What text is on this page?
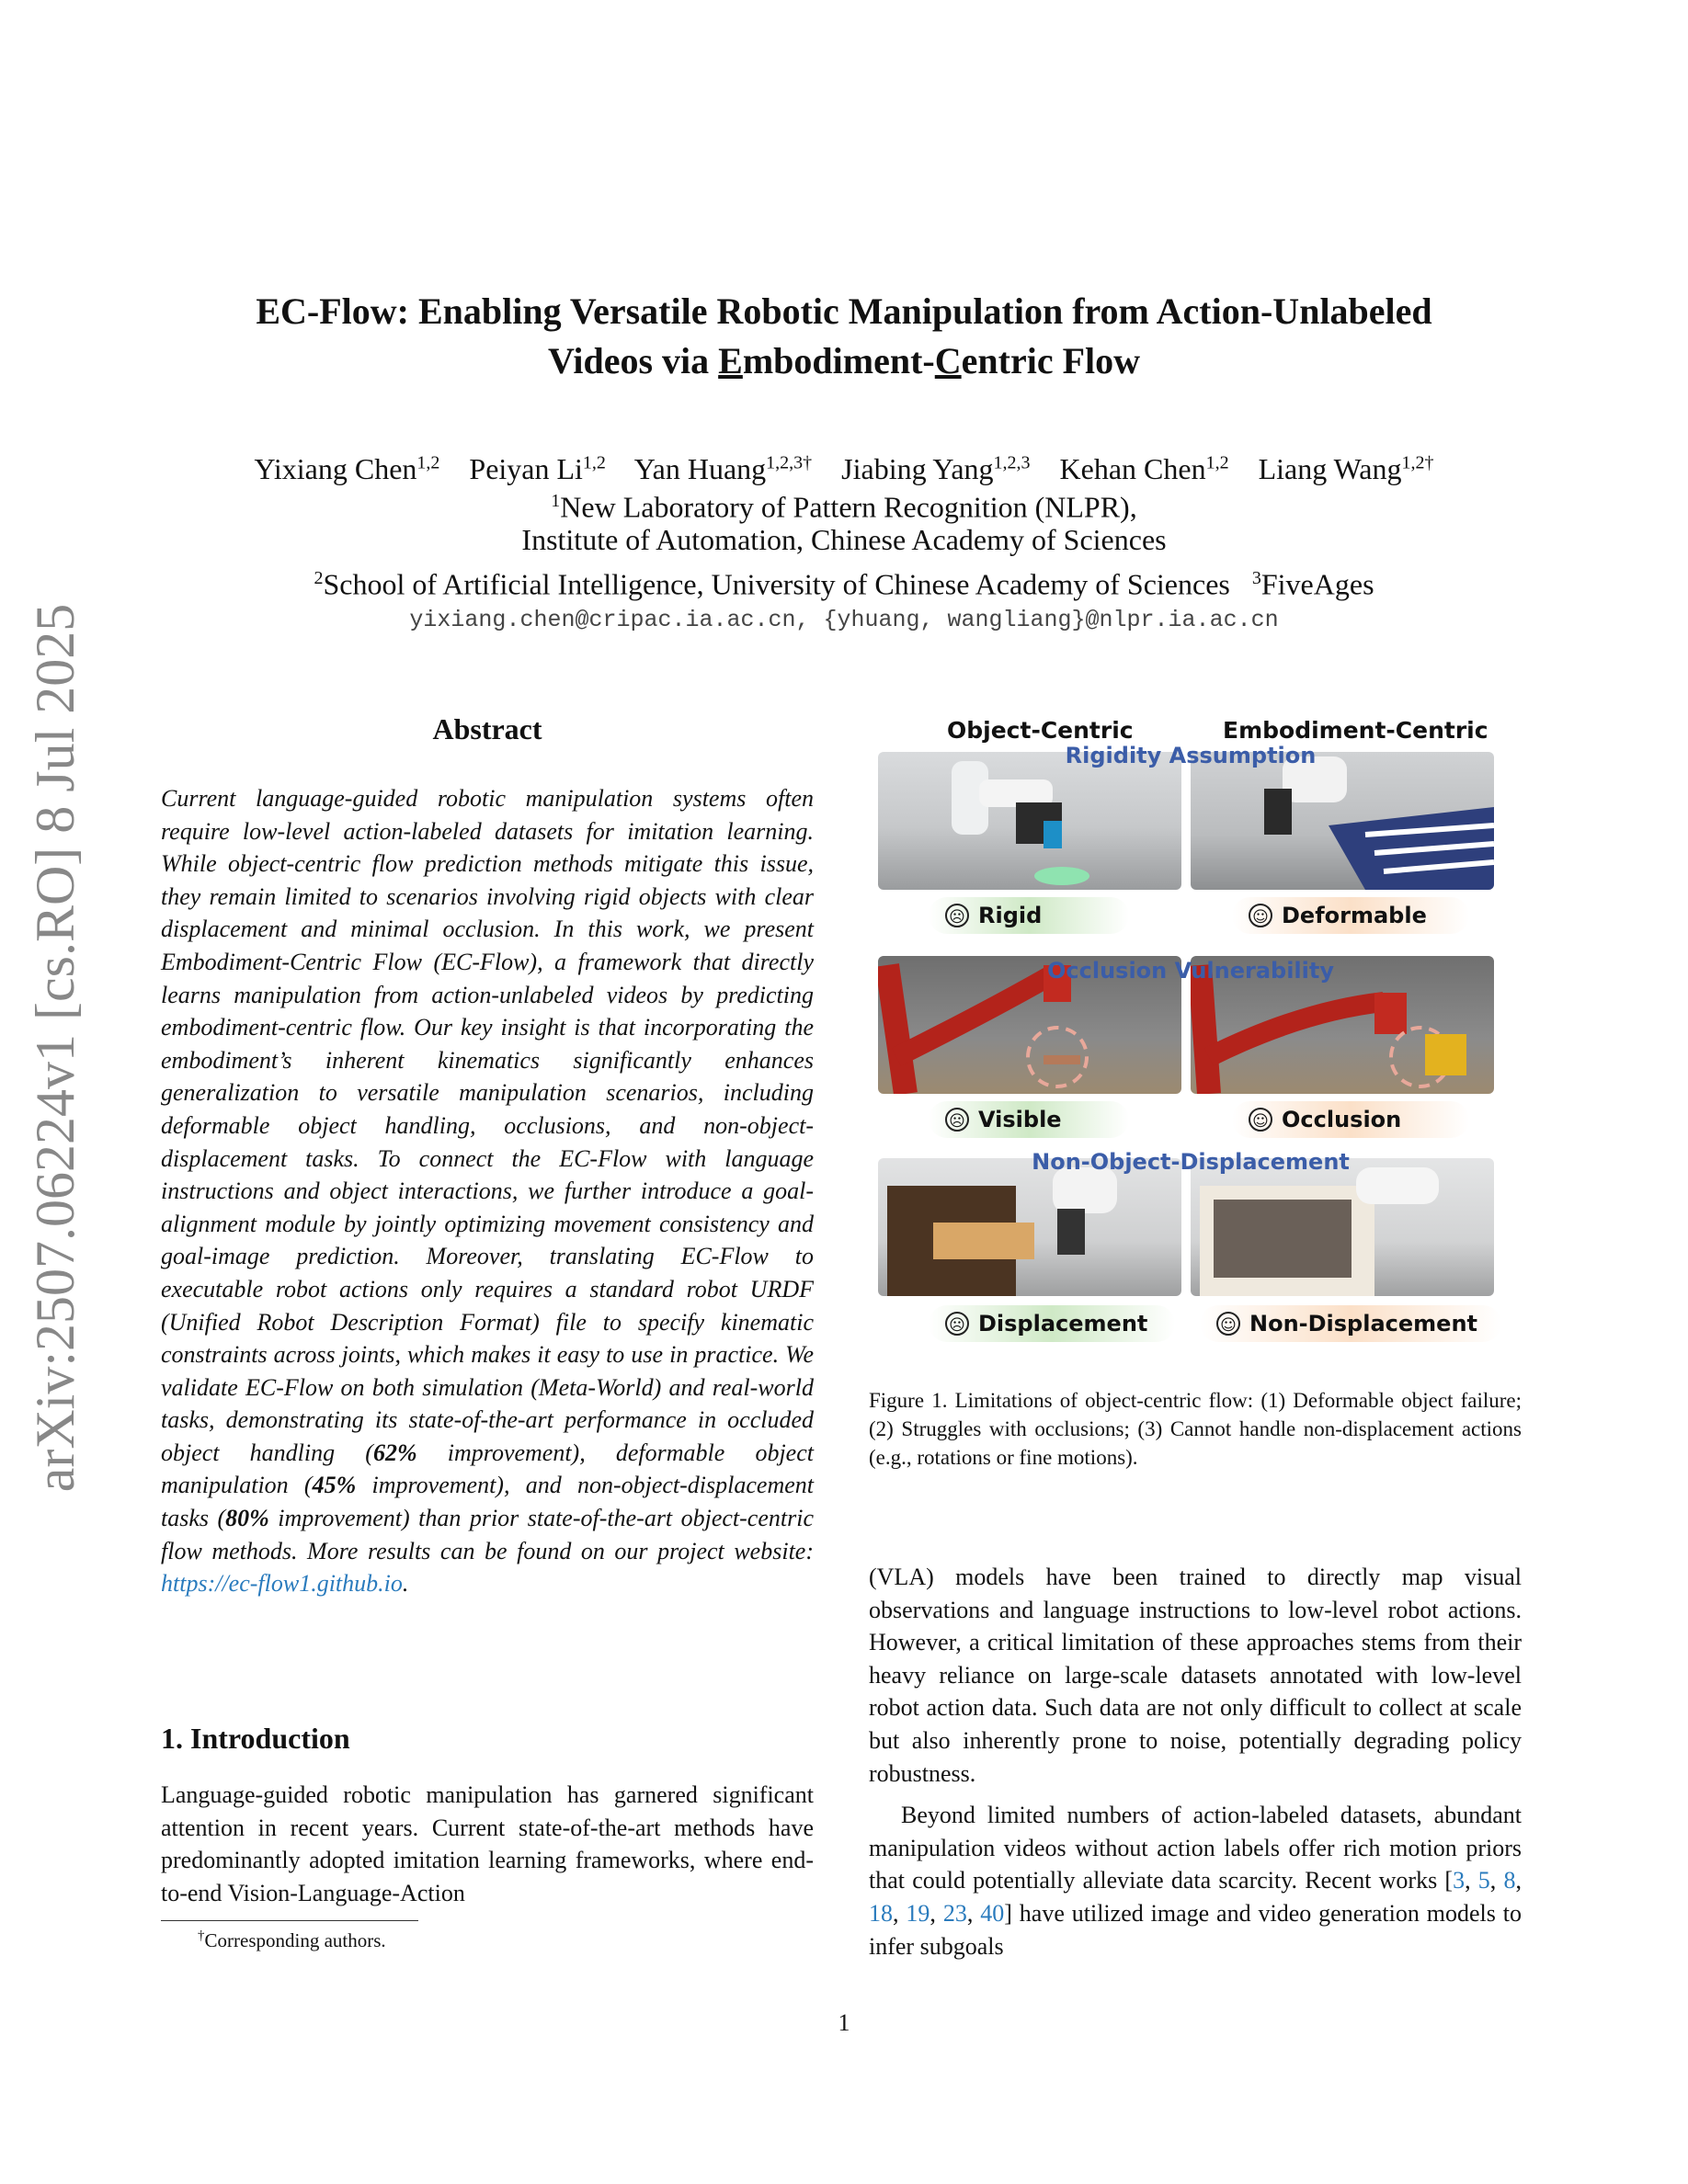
arXiv:2507.06224v1 [cs.RO] 8 Jul 2025
EC-Flow: Enabling Versatile Robotic Manipulation from Action-Unlabeled
Videos via Embodiment-Centric Flow
Yixiang Chen$^{1,2}$ Peiyan Li$^{1,2}$ Yan Huang$^{1,2,3\dagger}$ Jiabing Yang$^{1,2,3}$ Kehan Chen$^{1,2}$ Liang Wang$^{1,2\dagger}$
$^1$New Laboratory of Pattern Recognition (NLPR),
Institute of Automation, Chinese Academy of Sciences
$^2$School of Artificial Intelligence, University of Chinese Academy of Sciences $^3$FiveAges
yixiang.chen@cripac.ia.ac.cn, {yhuang, wangliang}@nlpr.ia.ac.cn
Abstract
Current language-guided robotic manipulation systems often require low-level action-labeled datasets for imitation learning. While object-centric flow prediction methods mitigate this issue, they remain limited to scenarios involving rigid objects with clear displacement and minimal occlusion. In this work, we present Embodiment-Centric Flow (EC-Flow), a framework that directly learns manipulation from action-unlabeled videos by predicting embodiment-centric flow. Our key insight is that incorporating the embodiment’s inherent kinematics significantly enhances generalization to versatile manipulation scenarios, including deformable object handling, occlusions, and non-object-displacement tasks. To connect the EC-Flow with language instructions and object interactions, we further introduce a goal-alignment module by jointly optimizing movement consistency and goal-image prediction. Moreover, translating EC-Flow to executable robot actions only requires a standard robot URDF (Unified Robot Description Format) file to specify kinematic constraints across joints, which makes it easy to use in practice. We validate EC-Flow on both simulation (Meta-World) and real-world tasks, demonstrating its state-of-the-art performance in occluded object handling (62% improvement), deformable object manipulation (45% improvement), and non-object-displacement tasks (80% improvement) than prior state-of-the-art object-centric flow methods. More results can be found on our project website: https://ec-flow1.github.io.
1. Introduction
Language-guided robotic manipulation has garnered significant attention in recent years. Current state-of-the-art methods have predominantly adopted imitation learning frameworks, where end-to-end Vision-Language-Action
†Corresponding authors.
Object-Centric	Embodiment-Centric
Rigidity Assumption
☹ Rigid	☺ Deformable
Occlusion Vulnerability
☹ Visible	☺ Occlusion
Non-Object-Displacement
☹ Displacement	☺ Non-Displacement
Figure 1. Limitations of object-centric flow: (1) Deformable object failure; (2) Struggles with occlusions; (3) Cannot handle non-displacement actions (e.g., rotations or fine motions).

(VLA) models have been trained to directly map visual observations and language instructions to low-level robot actions. However, a critical limitation of these approaches stems from their heavy reliance on large-scale datasets annotated with low-level robot action data. Such data are not only difficult to collect at scale but also inherently prone to noise, potentially degrading policy robustness.

Beyond limited numbers of action-labeled datasets, abundant manipulation videos without action labels offer rich motion priors that could potentially alleviate data scarcity. Recent works [3, 5, 8, 18, 19, 23, 40] have utilized image and video generation models to infer subgoals

1
